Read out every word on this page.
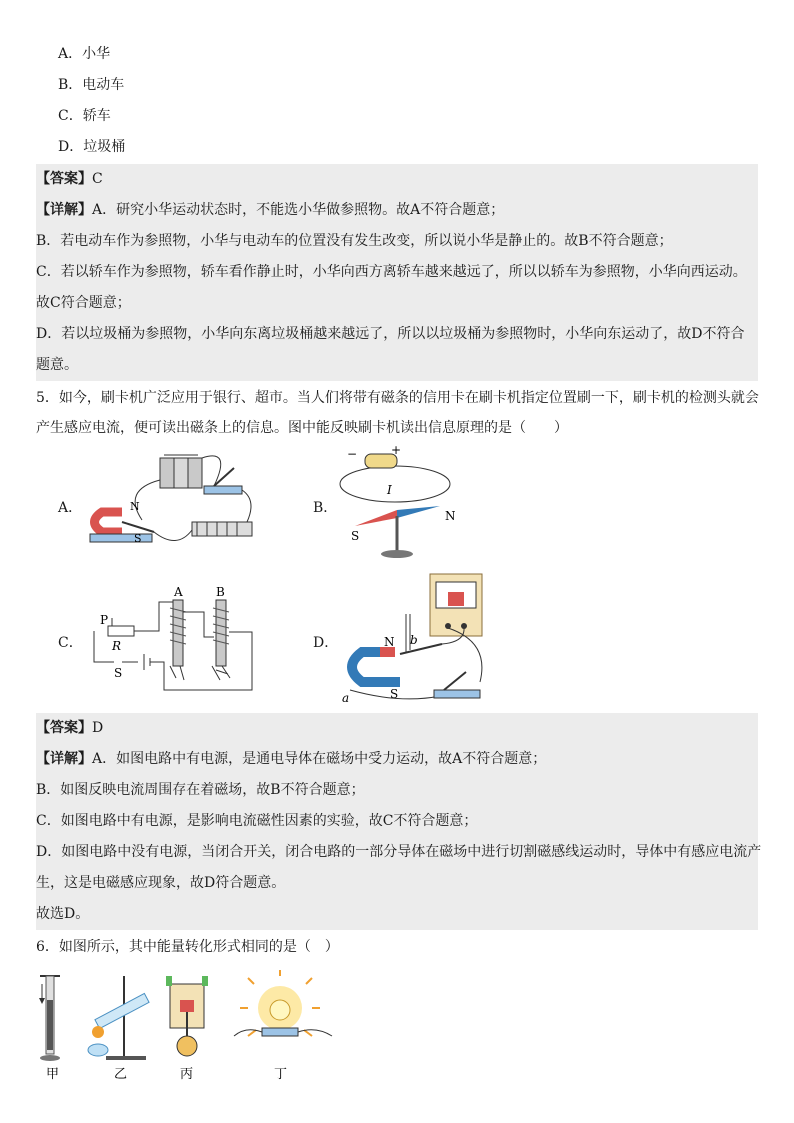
A．小华
B．电动车
C．轿车
D．垃圾桶
【答案】C
【详解】A．研究小华运动状态时，不能选小华做参照物。故A不符合题意；
B．若电动车作为参照物，小华与电动车的位置没有发生改变，所以说小华是静止的。故B不符合题意；
C．若以轿车作为参照物，轿车看作静止时，小华向西方离轿车越来越远了，所以以轿车为参照物，小华向西运动。
故C符合题意；
D．若以垃圾桶为参照物，小华向东离垃圾桶越来越远了，所以以垃圾桶为参照物时，小华向东运动了，故D不符合
题意。
5．如今，刷卡机广泛应用于银行、超市。当人们将带有磁条的信用卡在刷卡机指定位置刷一下，刷卡机的检测头就会
产生感应电流，便可读出磁条上的信息。图中能反映刷卡机读出信息原理的是（　　）
A．	B．
C．	D．
N
S
−	+
I
N
S
A	B
P
R
S
N b
S
a
【答案】D
【详解】A．如图电路中有电源，是通电导体在磁场中受力运动，故A不符合题意；
B．如图反映电流周围存在着磁场，故B不符合题意；
C．如图电路中有电源，是影响电流磁性因素的实验，故C不符合题意；
D．如图电路中没有电源，当闭合开关，闭合电路的一部分导体在磁场中进行切割磁感线运动时，导体中有感应电流产
生，这是电磁感应现象，故D符合题意。
故选D。
6．如图所示，其中能量转化形式相同的是（　）
甲	乙	丙	丁
